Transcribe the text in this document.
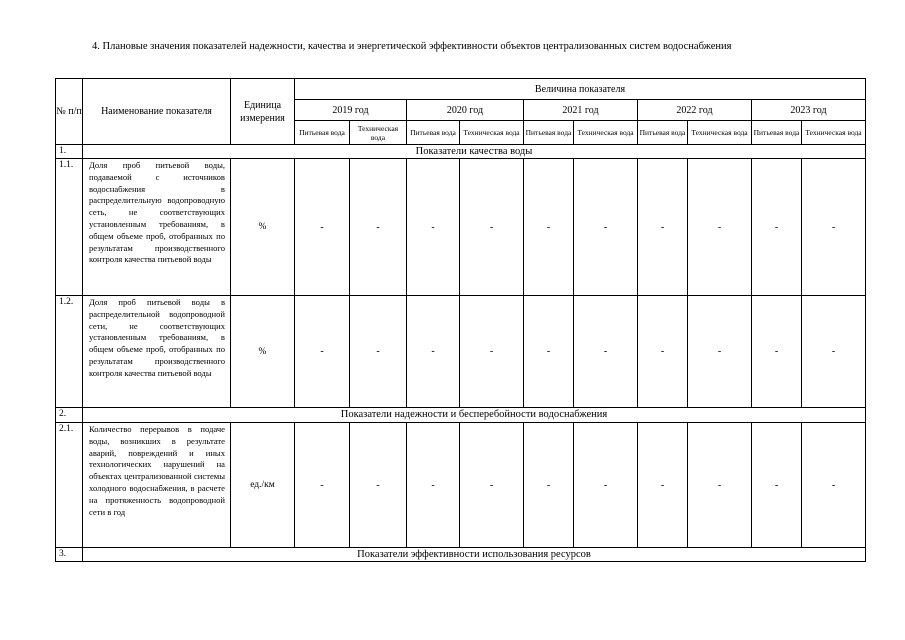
4. Плановые значения показателей надежности, качества и энергетической эффективности объектов централизованных систем водоснабжения
№ п/п	Наименование показателя	Единица измерения	Величина показателя									
			2019 год		2020 год		2021 год		2022 год		2023 год	
			Питьевая вода	Техническая вода	Питьевая вода	Техническая вода	Питьевая вода	Техническая вода	Питьевая вода	Техническая вода	Питьевая вода	Техническая вода
1.	Показатели качества воды											
1.1.	Доля проб питьевой воды, подаваемой с источников водоснабжения в распределительную водопроводную сеть, не соответствующих установленным требованиям, в общем объеме проб, отобранных по результатам производственного контроля качества питьевой воды	%	-	-	-	-	-	-	-	-	-	-
1.2.	Доля проб питьевой воды в распределительной водопроводной сети, не соответствующих установленным требованиям, в общем объеме проб, отобранных по результатам производственного контроля качества питьевой воды	%	-	-	-	-	-	-	-	-	-	-
2.	Показатели надежности и бесперебойности водоснабжения											
2.1.	Количество перерывов в подаче воды, возникших в результате аварий, повреждений и иных технологических нарушений на объектах централизованной системы холодного водоснабжения, в расчете на протяженность водопроводной сети в год	ед./км	-	-	-	-	-	-	-	-	-	-
3.	Показатели эффективности использования ресурсов											
